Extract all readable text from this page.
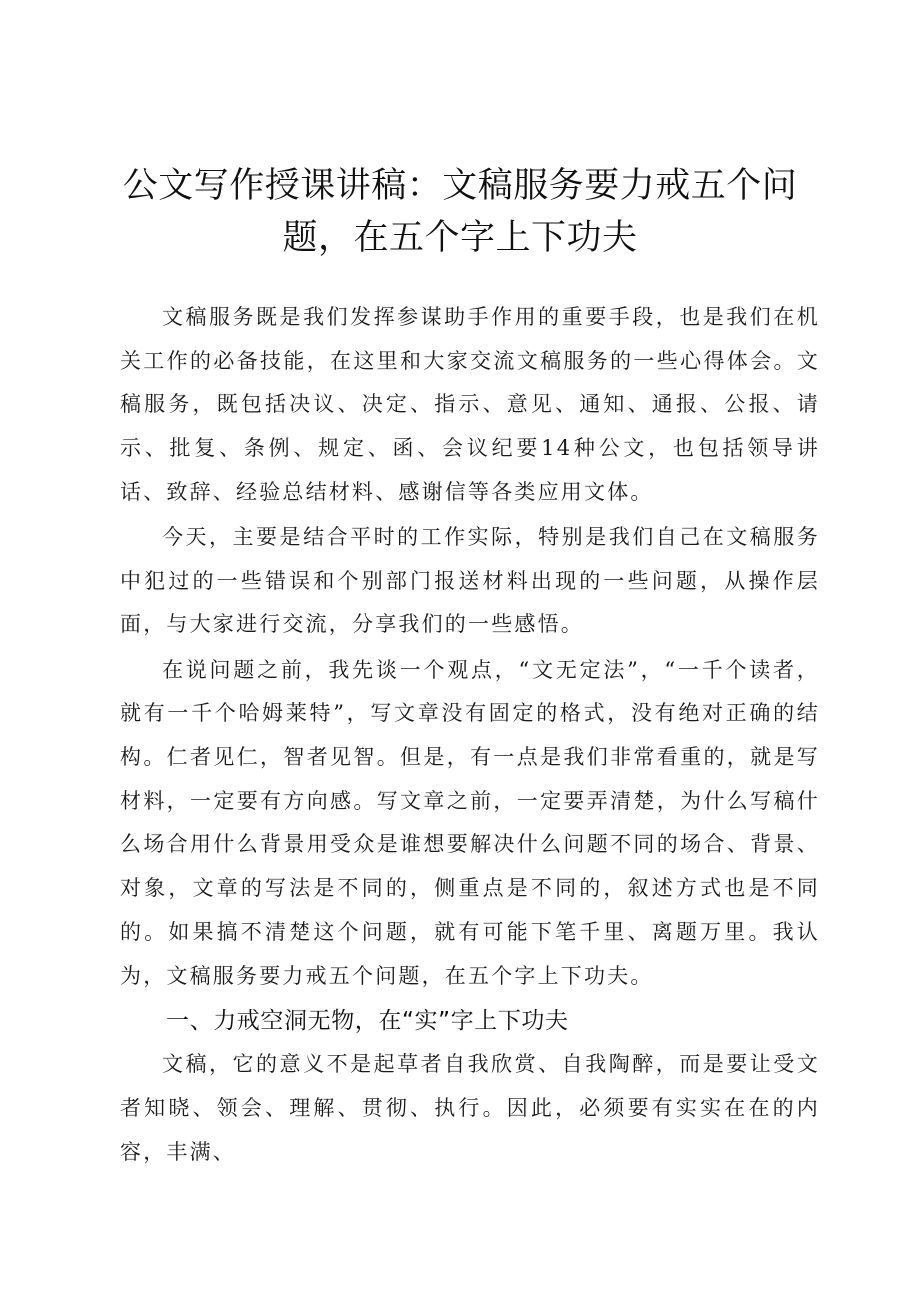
公文写作授课讲稿：文稿服务要力戒五个问
题，在五个字上下功夫

文稿服务既是我们发挥参谋助手作用的重要手段，也是我们在机关工作的必备技能，在这里和大家交流文稿服务的一些心得体会。文稿服务，既包括决议、决定、指示、意见、通知、通报、公报、请示、批复、条例、规定、函、会议纪要14种公文，也包括领导讲话、致辞、经验总结材料、感谢信等各类应用文体。

今天，主要是结合平时的工作实际，特别是我们自己在文稿服务中犯过的一些错误和个别部门报送材料出现的一些问题，从操作层面，与大家进行交流，分享我们的一些感悟。

在说问题之前，我先谈一个观点，“文无定法”，“一千个读者，就有一千个哈姆莱特”，写文章没有固定的格式，没有绝对正确的结构。仁者见仁，智者见智。但是，有一点是我们非常看重的，就是写材料，一定要有方向感。写文章之前，一定要弄清楚，为什么写稿什么场合用什么背景用受众是谁想要解决什么问题不同的场合、背景、对象，文章的写法是不同的，侧重点是不同的，叙述方式也是不同的。如果搞不清楚这个问题，就有可能下笔千里、离题万里。我认为，文稿服务要力戒五个问题，在五个字上下功夫。

一、力戒空洞无物，在“实”字上下功夫

文稿，它的意义不是起草者自我欣赏、自我陶醉，而是要让受文者知晓、领会、理解、贯彻、执行。因此，必须要有实实在在的内容，丰满、
